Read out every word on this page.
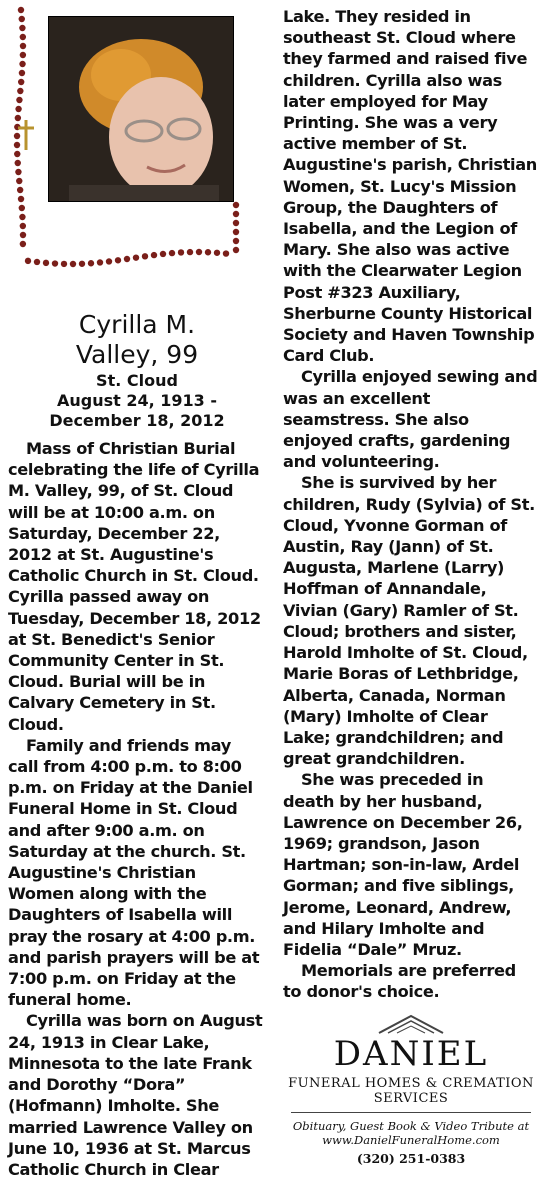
Cyrilla M.
Valley, 99
St. Cloud
August 24, 1913 -
December 18, 2012

Mass of Christian Burial celebrating the life of Cyrilla M. Valley, 99, of St. Cloud will be at 10:00 a.m. on Saturday, December 22, 2012 at St. Augustine's Catholic Church in St. Cloud. Cyrilla passed away on Tuesday, December 18, 2012 at St. Benedict's Senior Community Center in St. Cloud. Burial will be in Calvary Cemetery in St. Cloud.

Family and friends may call from 4:00 p.m. to 8:00 p.m. on Friday at the Daniel Funeral Home in St. Cloud and after 9:00 a.m. on Saturday at the church. St. Augustine's Christian Women along with the Daughters of Isabella will pray the rosary at 4:00 p.m. and parish prayers will be at 7:00 p.m. on Friday at the funeral home.

Cyrilla was born on August 24, 1913 in Clear Lake, Minnesota to the late Frank and Dorothy “Dora” (Hofmann) Imholte. She married Lawrence Valley on June 10, 1936 at St. Marcus Catholic Church in Clear

Lake. They resided in southeast St. Cloud where they farmed and raised five children. Cyrilla also was later employed for May Printing. She was a very active member of St. Augustine's parish, Christian Women, St. Lucy's Mission Group, the Daughters of Isabella, and the Legion of Mary. She also was active with the Clearwater Legion Post #323 Auxiliary, Sherburne County Historical Society and Haven Township Card Club.

Cyrilla enjoyed sewing and was an excellent seamstress. She also enjoyed crafts, gardening and volunteering.

She is survived by her children, Rudy (Sylvia) of St. Cloud, Yvonne Gorman of Austin, Ray (Jann) of St. Augusta, Marlene (Larry) Hoffman of Annandale, Vivian (Gary) Ramler of St. Cloud; brothers and sister, Harold Imholte of St. Cloud, Marie Boras of Lethbridge, Alberta, Canada, Norman (Mary) Imholte of Clear Lake; grandchildren; and great grandchildren.

She was preceded in death by her husband, Lawrence on December 26, 1969; grandson, Jason Hartman; son-in-law, Ardel Gorman; and five siblings, Jerome, Leonard, Andrew, and Hilary Imholte and Fidelia “Dale” Mruz.

Memorials are preferred to donor's choice.

DANIEL
FUNERAL HOMES & CREMATION SERVICES
Obituary, Guest Book & Video Tribute at
www.DanielFuneralHome.com
(320) 251-0383
